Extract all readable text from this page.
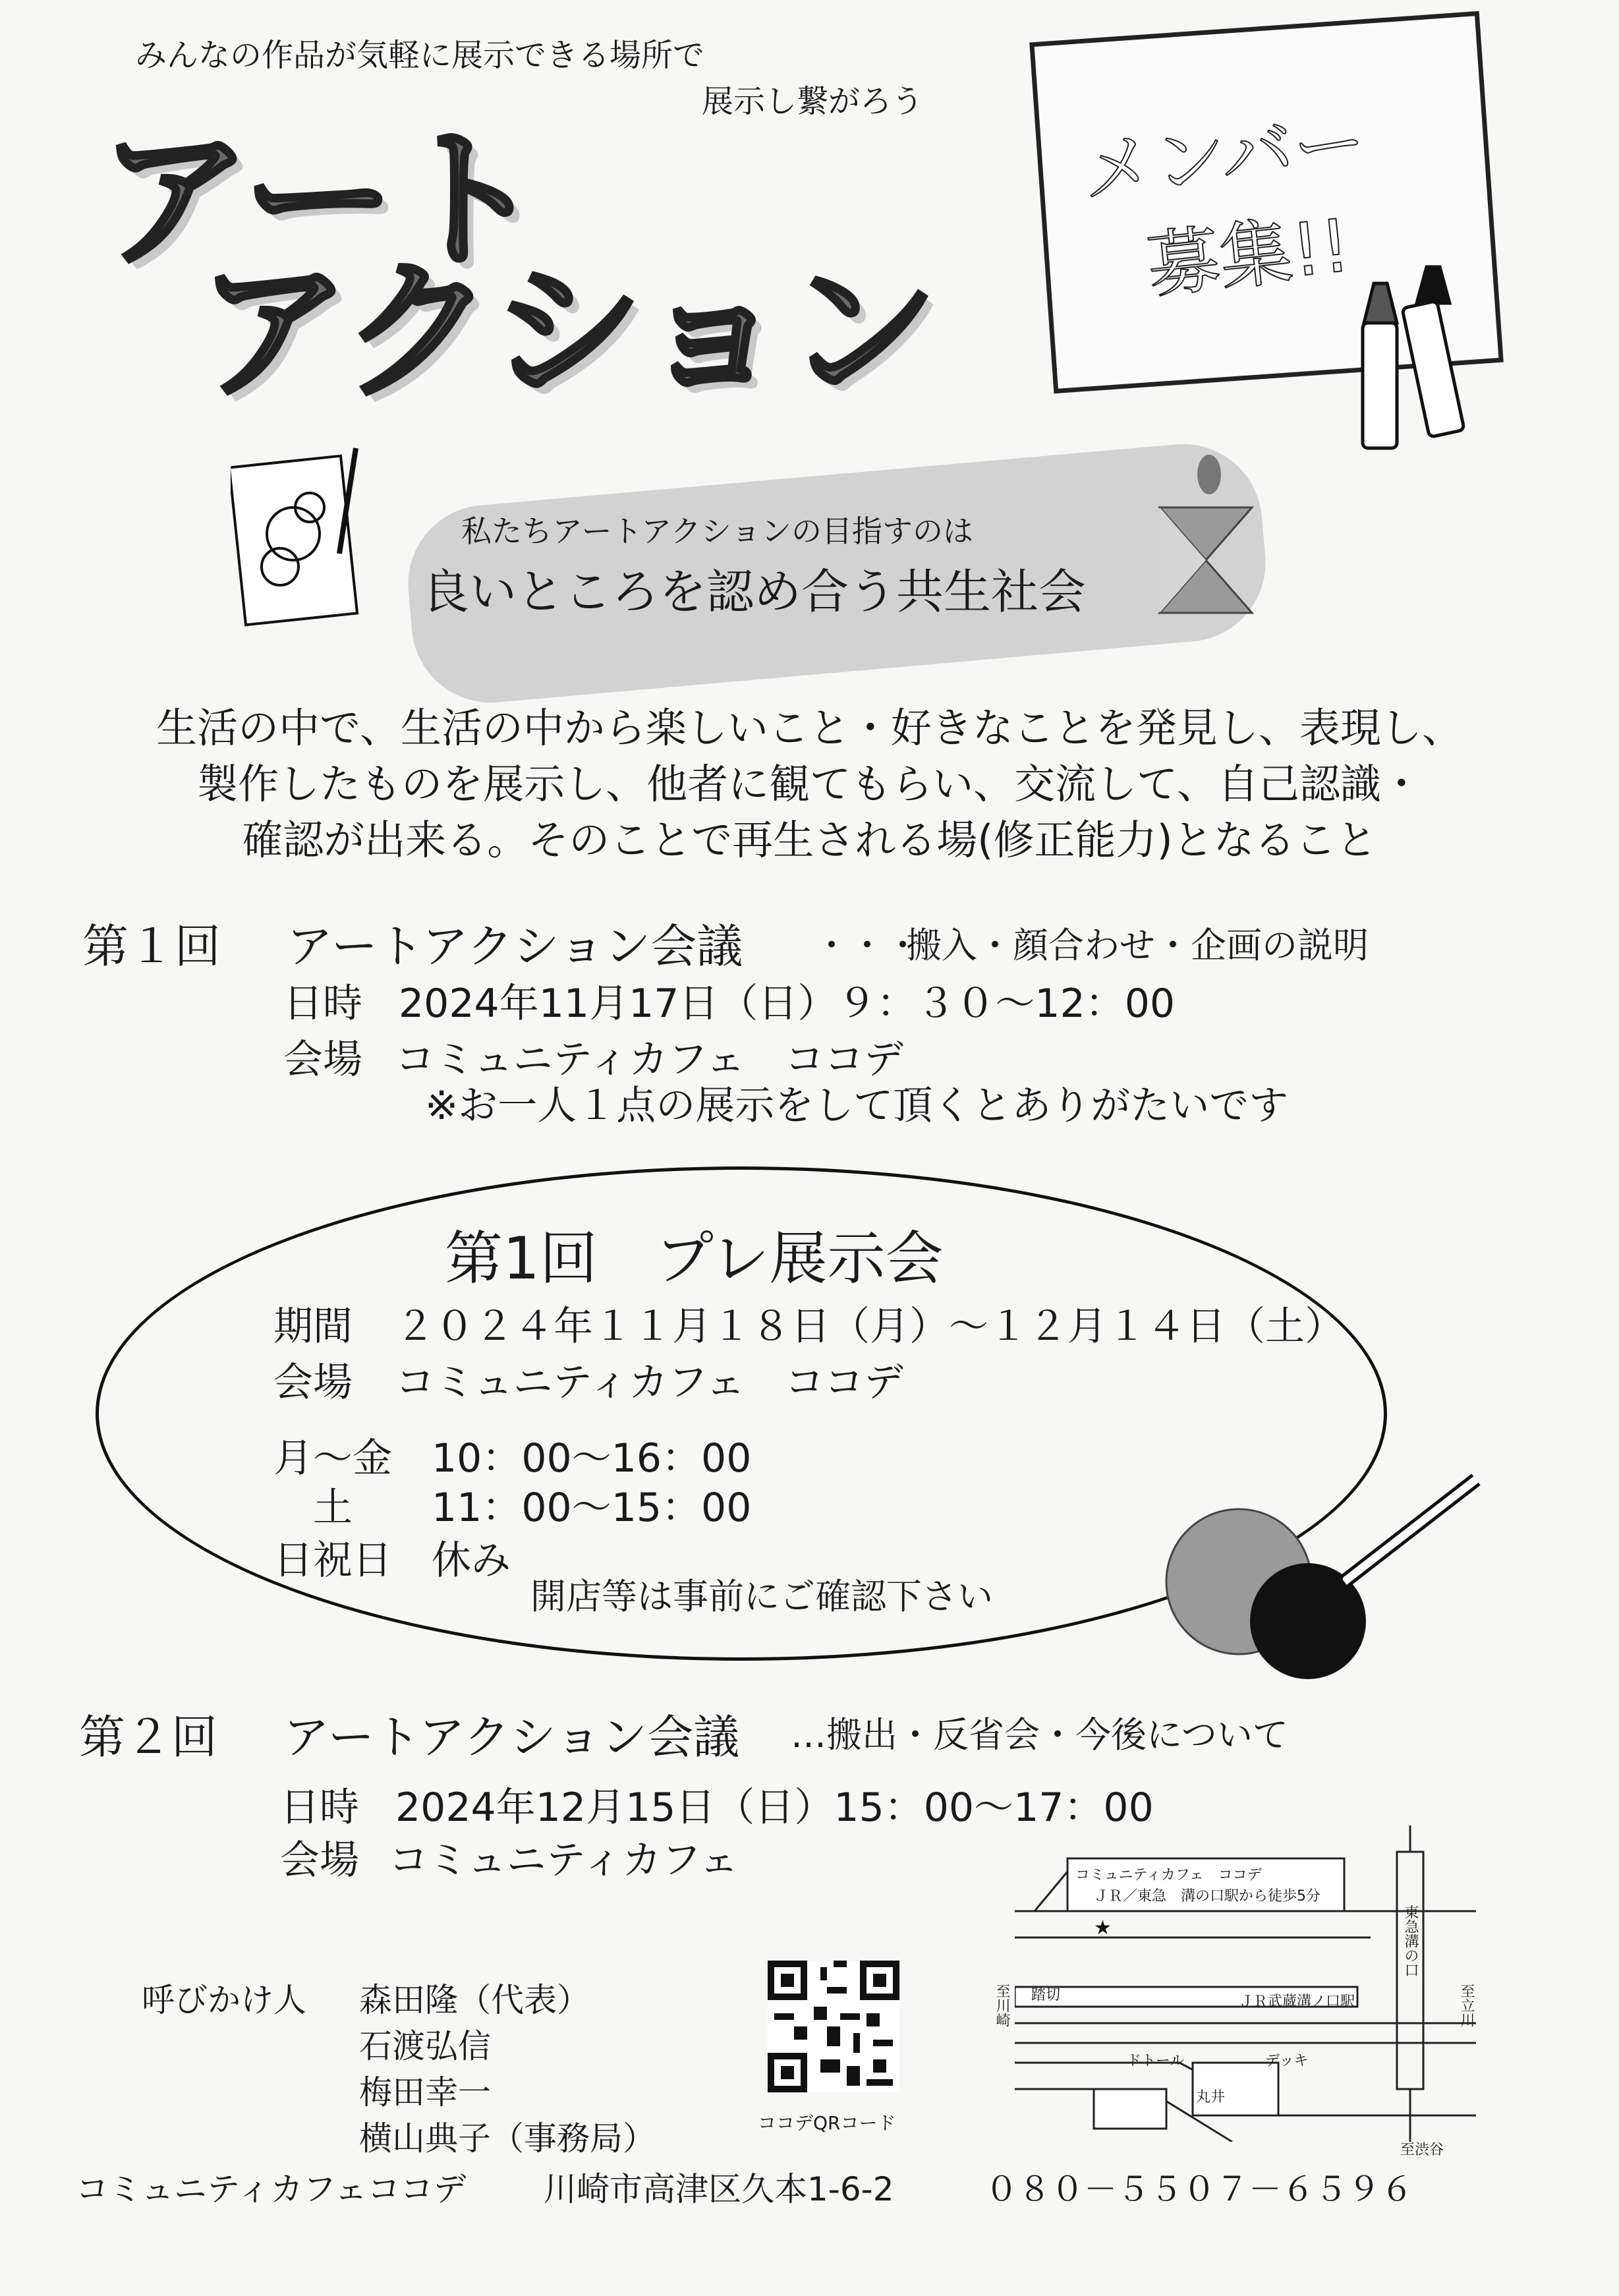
みんなの作品が気軽に展示できる場所で
展示し繋がろう
アート
アクション
メンバー
募集!!
私たちアートアクションの目指すのは
良いところを認め合う共生社会
生活の中で、生活の中から楽しいこと・好きなことを発見し、表現し、
製作したものを展示し、他者に観てもらい、交流して、自己認識・
確認が出来る。そのことで再生される場(修正能力)となること
第１回 アートアクション会議 ・・・
搬入・顔合わせ・企画の説明
日時 2024年11月17日（日）９：３０～12：00
会場 コミュニティカフェ　ココデ
※お一人１点の展示をして頂くとありがたいです
第1回　プレ展示会
期間 ２０２４年１１月１８日（月）～１２月１４日（土）
会場 コミュニティカフェ　ココデ
月～金 10：00～16：00
土 11：00～15：00
日祝日 休み
開店等は事前にご確認下さい
第２回 アートアクション会議 …搬出・反省会・今後について
日時 2024年12月15日（日）15：00～17：00
会場 コミュニティカフェ
呼びかけ人 森田隆（代表）
石渡弘信
梅田幸一
横山典子（事務局）	ココデQRコード
★
コミュニティカフェ　ココデ
ＪＲ／東急　溝の口駅から徒歩5分
東急溝の口
ＪＲ武蔵溝ノ口駅
踏切
ドトール
丸井
デッキ
至川崎	至立川
至渋谷
コミュニティカフェココデ 川崎市高津区久本1-6-2	０８０－５５０７－６５９６
